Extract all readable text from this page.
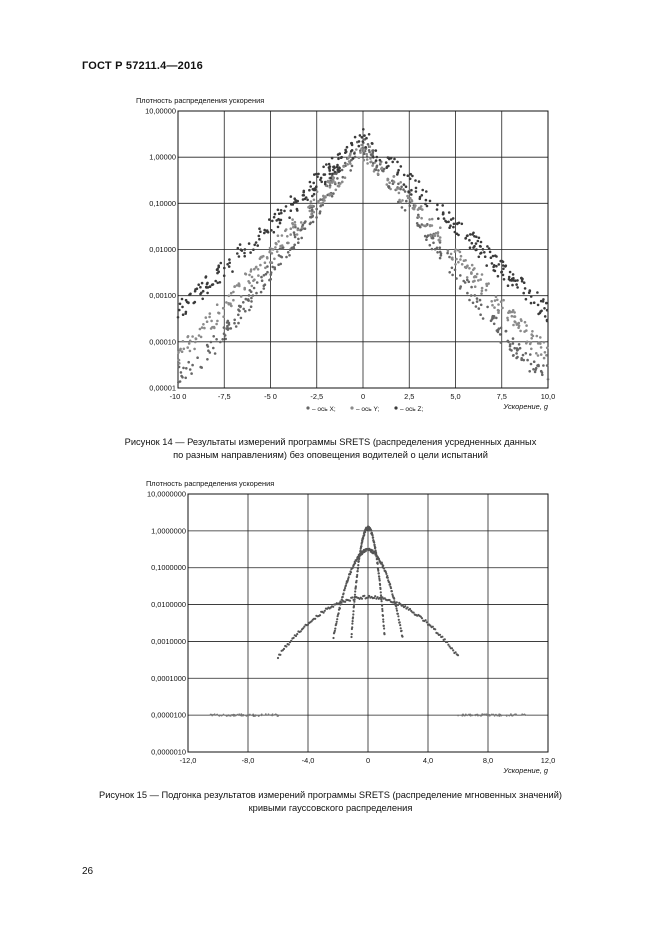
ГОСТ Р 57211.4—2016
-10 0	-7,5	-5 0	-2,5	0	2,5	5,0	7,5	10,0
10,00000
1,00000
0,10000
0,01000
0,00100
0,00010
0,00001
Плотность распределения ускорения
Ускорение, g
– ось X;	– ось Y;	– ось Z;
-12,0	-8,0	-4,0	0	4,0	8,0	12,0
10,0000000
1,0000000
0,1000000
0,0100000
0,0010000
0,0001000
0,0000100
0,0000010
Плотность распределения ускорения
Ускорение, g
Рисунок 14 — Результаты измерений программы SRETS (распределения усредненных данных
по разным направлениям) без оповещения водителей о цели испытаний
Рисунок 15 — Подгонка результатов измерений программы SRETS (распределение мгновенных значений)
кривыми гауссовского распределения
26
